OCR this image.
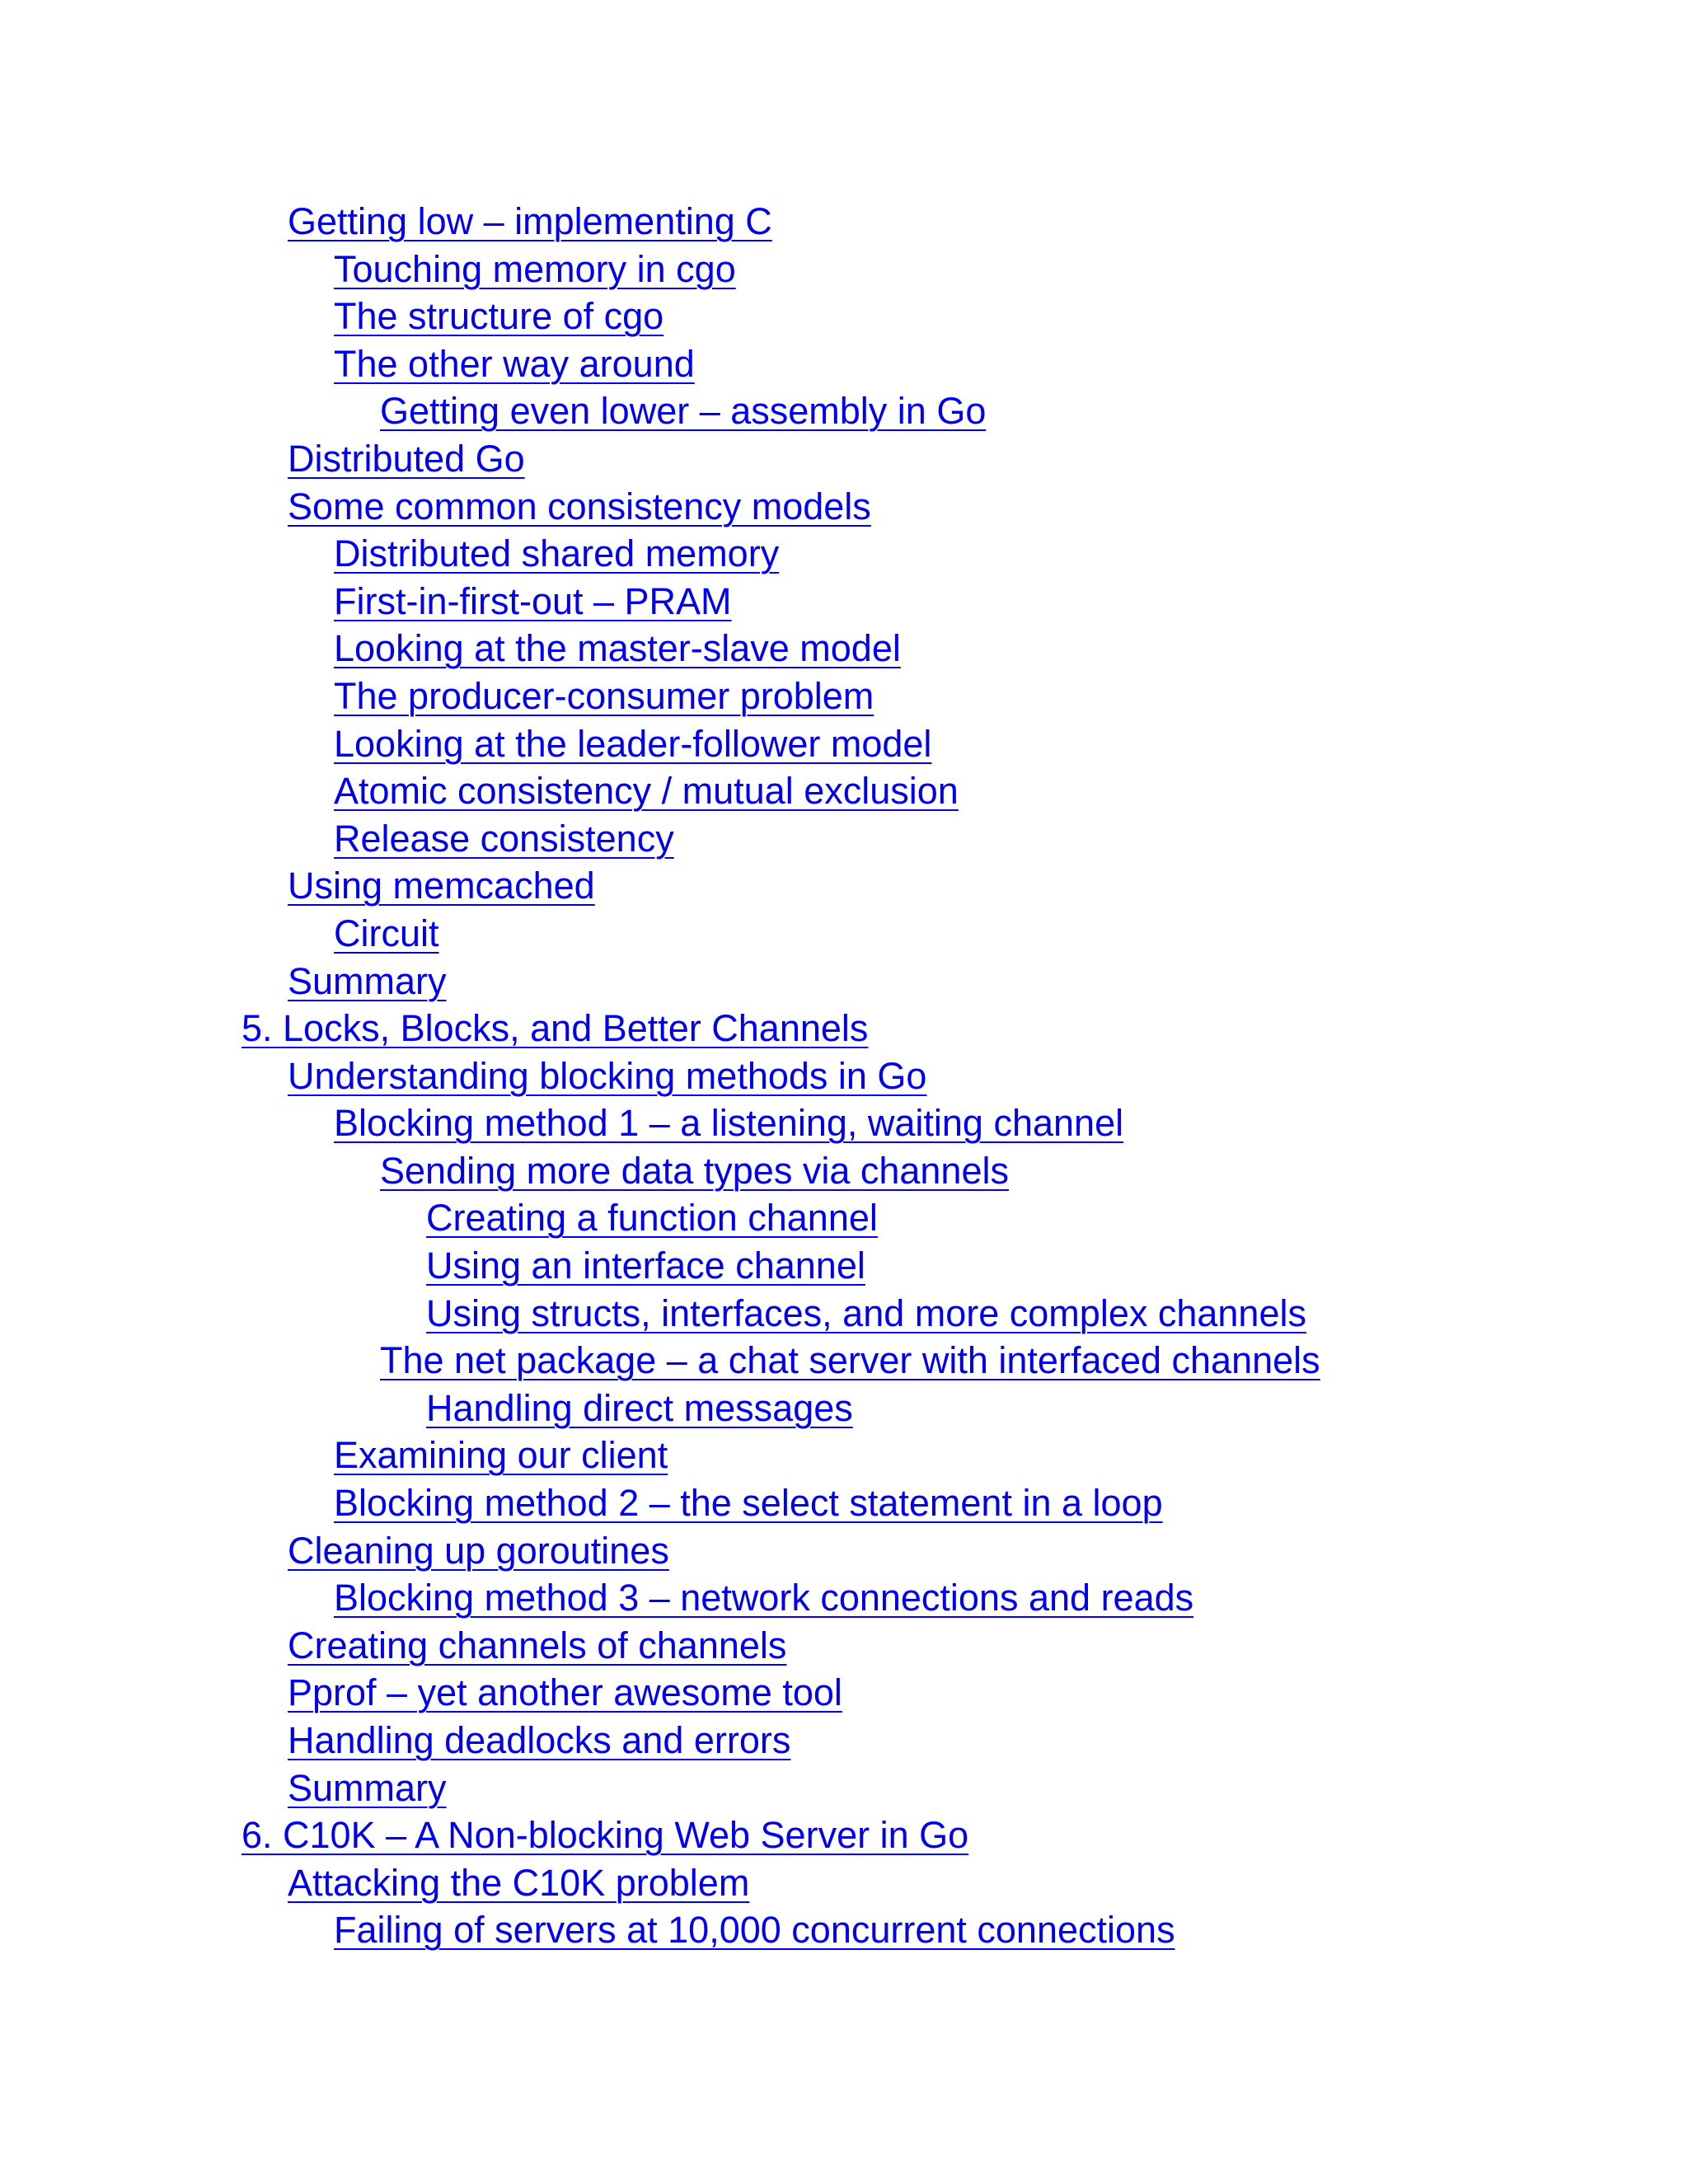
Getting low – implementing C
Touching memory in cgo
The structure of cgo
The other way around
Getting even lower – assembly in Go
Distributed Go
Some common consistency models
Distributed shared memory
First-in-first-out – PRAM
Looking at the master-slave model
The producer-consumer problem
Looking at the leader-follower model
Atomic consistency / mutual exclusion
Release consistency
Using memcached
Circuit
Summary
5. Locks, Blocks, and Better Channels
Understanding blocking methods in Go
Blocking method 1 – a listening, waiting channel
Sending more data types via channels
Creating a function channel
Using an interface channel
Using structs, interfaces, and more complex channels
The net package – a chat server with interfaced channels
Handling direct messages
Examining our client
Blocking method 2 – the select statement in a loop
Cleaning up goroutines
Blocking method 3 – network connections and reads
Creating channels of channels
Pprof – yet another awesome tool
Handling deadlocks and errors
Summary
6. C10K – A Non-blocking Web Server in Go
Attacking the C10K problem
Failing of servers at 10,000 concurrent connections
